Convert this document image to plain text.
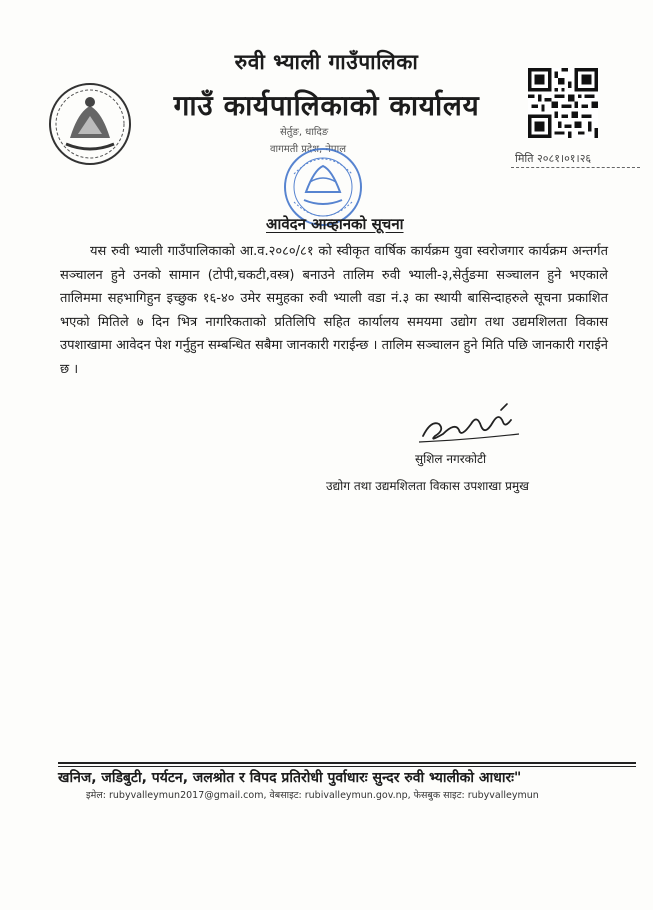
रुवी भ्याली गाउँपालिका
गाउँ कार्यपालिकाको कार्यालय
सेर्तुङ, धादिङ
वागमती प्रदेश, नेपाल
मिति २०८१।०१।२६
आवेदन आव्हानको सूचना
यस रुवी भ्याली गाउँपालिकाको आ.व.२०८०/८१ को स्वीकृत वार्षिक कार्यक्रम युवा स्वरोजगार कार्यक्रम अन्तर्गत सञ्चालन हुने उनको सामान (टोपी,चकटी,वस्त्र) बनाउने तालिम रुवी भ्याली-३,सेर्तुङमा सञ्चालन हुने भएकाले तालिममा सहभागिहुन इच्छुक १६-४० उमेर समुहका रुवी भ्याली वडा नं.३ का स्थायी बासिन्दाहरुले सूचना प्रकाशित भएको मितिले ७ दिन भित्र नागरिकताको प्रतिलिपि सहित कार्यालय समयमा उद्योग तथा उद्यमशिलता विकास उपशाखामा आवेदन पेश गर्नुहुन सम्बन्धित सबैमा जानकारी गराईन्छ । तालिम सञ्चालन हुने मिति पछि जानकारी गराईने छ ।
सुशिल नगरकोटी
उद्योग तथा उद्यमशिलता विकास उपशाखा प्रमुख
खनिज, जडिबुटी, पर्यटन, जलश्रोत र विपद प्रतिरोधी पुर्वाधारः सुन्दर रुवी भ्यालीको आधारः"
इमेल: rubyvalleymun2017@gmail.com, वेबसाइट: rubivalleymun.gov.np, फेसबुक साइट: rubyvalleymun
